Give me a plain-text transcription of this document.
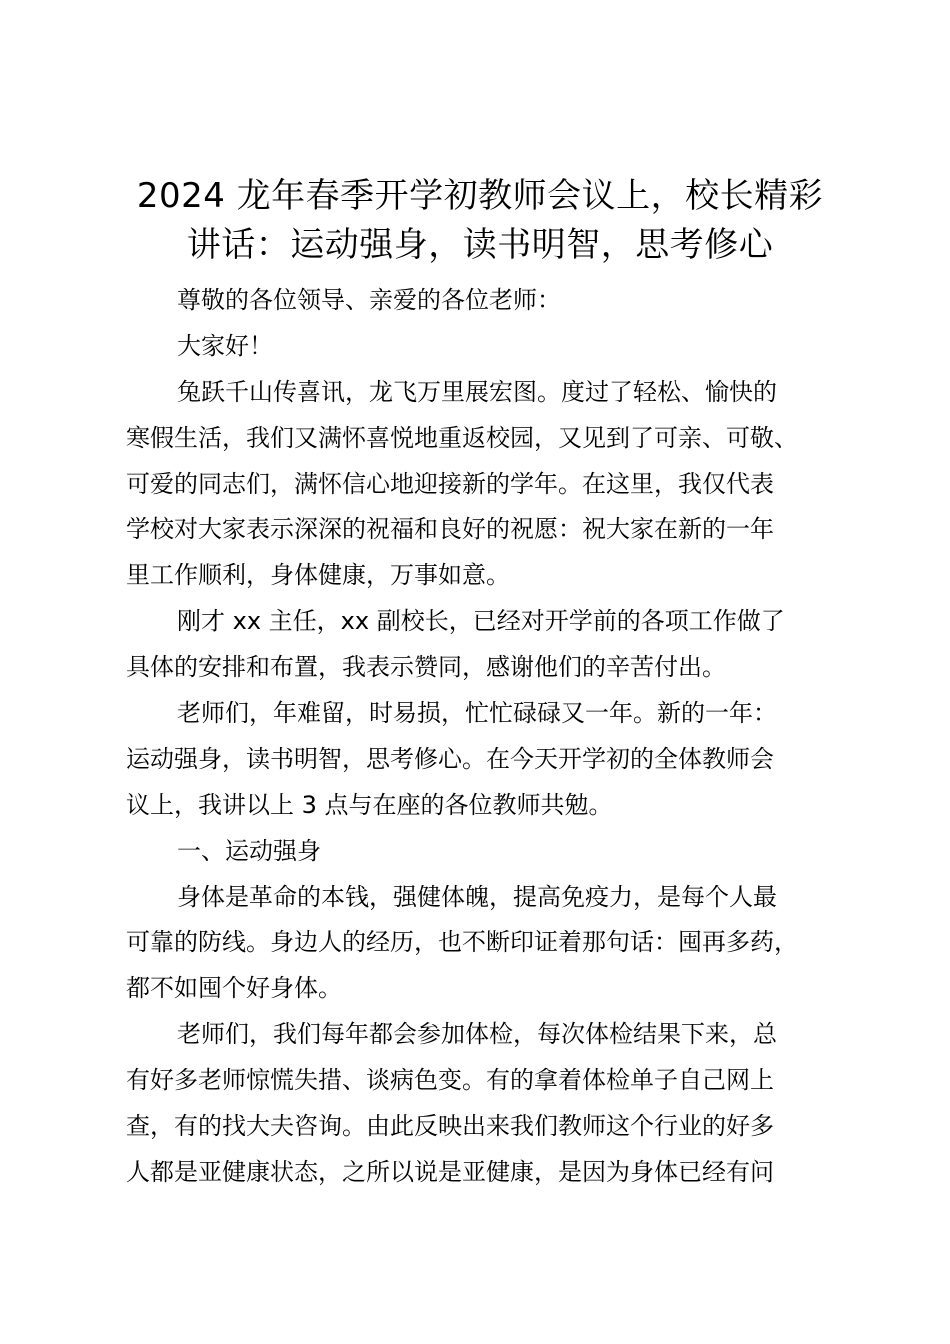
2024 龙年春季开学初教师会议上，校长精彩
讲话：运动强身，读书明智，思考修心
尊敬的各位领导、亲爱的各位老师：
大家好！
兔跃千山传喜讯，龙飞万里展宏图。度过了轻松、愉快的
寒假生活，我们又满怀喜悦地重返校园，又见到了可亲、可敬、
可爱的同志们，满怀信心地迎接新的学年。在这里，我仅代表
学校对大家表示深深的祝福和良好的祝愿：祝大家在新的一年
里工作顺利，身体健康，万事如意。
刚才 xx 主任，xx 副校长，已经对开学前的各项工作做了
具体的安排和布置，我表示赞同，感谢他们的辛苦付出。
老师们，年难留，时易损，忙忙碌碌又一年。新的一年：
运动强身，读书明智，思考修心。在今天开学初的全体教师会
议上，我讲以上 3 点与在座的各位教师共勉。
一、运动强身
身体是革命的本钱，强健体魄，提高免疫力，是每个人最
可靠的防线。身边人的经历，也不断印证着那句话：囤再多药，
都不如囤个好身体。
老师们，我们每年都会参加体检，每次体检结果下来，总
有好多老师惊慌失措、谈病色变。有的拿着体检单子自己网上
查，有的找大夫咨询。由此反映出来我们教师这个行业的好多
人都是亚健康状态，之所以说是亚健康，是因为身体已经有问
